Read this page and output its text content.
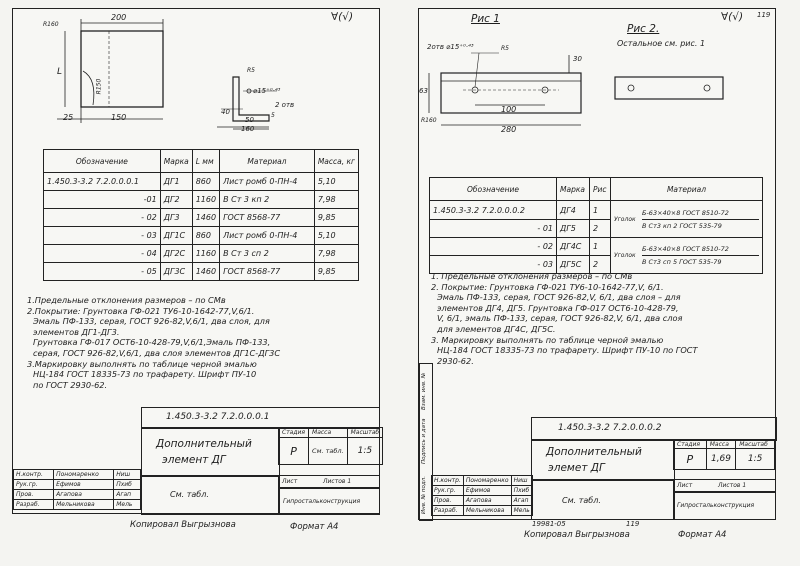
∀(√)
200
R160
L
R150
25	150
R5
⌀15⁺⁰·⁴³
2 отв
40
50
160
5
Обозначение	Марка	L мм	Материал	Масса, кг
1.450.3-3.2 7.2.0.0.0.1	ДГ1	860	Лист ромб 0-ПН-4	5,10
-01	ДГ2	1160	В Ст 3 кп 2	7,98
- 02	ДГ3	1460	ГОСТ 8568-77	9,85
- 03	ДГ1С	860	Лист ромб 0-ПН-4	5,10
- 04	ДГ2С	1160	В Ст 3 сп 2	7,98
- 05	ДГ3С	1460	ГОСТ 8568-77	9,85

1.Предельные отклонения размеров – по СМв

2.Покрытие: Грунтовка ГФ-021 ТУ6-10-1642-77,V,6/1.

Эмаль ПФ-133, серая, ГОСТ 926-82,V,6/1, два слоя, для

элементов ДГ1-ДГ3.

Грунтовка ГФ-017 ОСТ6-10-428-79,V,6/1,Эмаль ПФ-133,

серая, ГОСТ 926-82,V,6/1, два слоя элементов ДГ1С-ДГ3С

3.Маркировку выполнять по таблице черной эмалью

НЦ-184 ГОСТ 18335-73 по трафарету. Шрифт ПУ-10

по ГОСТ 2930-62.

1.450.3-3.2 7.2.0.0.0.1
Дополнительный
элемент ДГ
Стадия	Масса	Масштаб
Р	См. табл.	1:5
Лист	Листов 1
Гипростальконструкция
См. табл.
Н.контр.	Пономаренко	Ниш
Рук.гр.	Ефимов	Пхиб
Пров.	Агапова	Агап
Разраб.	Мельникова	Мель
Копировал Выгрызнова	Формат А4
∀(√) 119
Рис 1
Рис 2.
Остальное см. рис. 1
2отв ⌀15⁺⁰·⁴³	R5
63
100
280
30
R160
Обозначение	Марка	Рис	Материал	
1.450.3-3.2 7.2.0.0.0.2	ДГ4	1	Уголок	Б-63×40×8 ГОСТ 8510-72
В Ст3 кп 2 ГОСТ 535-79

- 01	ДГ5	2		
- 02	ДГ4С	1	Уголок	Б-63×40×8 ГОСТ 8510-72
В Ст3 сп 5 ГОСТ 535-79

- 03	ДГ5С	2		

1. Предельные отклонения размеров – по СМв

2. Покрытие: Грунтовка ГФ-021 ТУ6-10-1642-77,V, 6/1.

Эмаль ПФ-133, серая, ГОСТ 926-82,V, 6/1, два слоя – для

элементов ДГ4, ДГ5. Грунтовка ГФ-017 ОСТ6-10-428-79,

V, 6/1, эмаль ПФ-133, серая, ГОСТ 926-82,V, 6/1, два слоя

для элементов ДГ4С, ДГ5С.

3. Маркировку выполнять по таблице черной эмалью

НЦ-184 ГОСТ 18335-73 по трафарету. Шрифт ПУ-10 по ГОСТ

2930-62.

Инв. № подл.
Подпись и дата
Взам. инв. №
1.450.3-3.2 7.2.0.0.0.2
Дополнительный
элемет ДГ
Стадия	Масса	Масштаб
Р	1,69	1:5
Лист	Листов 1
Гипростальконструкция
См. табл.
Н.контр.	Пономаренко	Ниш
Рук.гр.	Ефимов	Пхиб
Пров.	Агапова	Агап
Разраб.	Мельникова	Мель
19981-05	119
Копировал Выгрызнова	Формат А4
